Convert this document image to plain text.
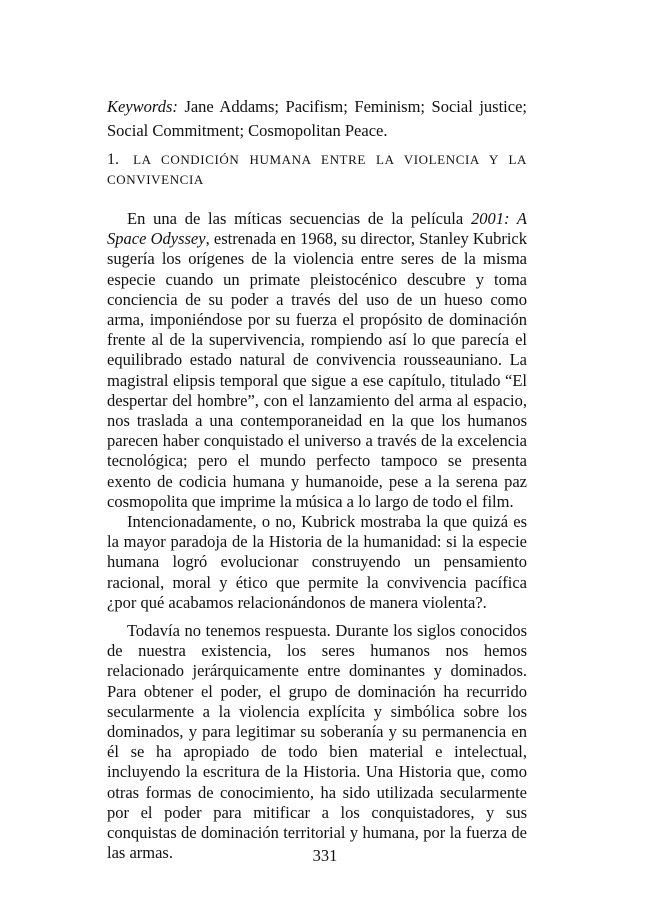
Keywords: Jane Addams; Pacifism; Feminism; Social justice; Social Commitment; Cosmopolitan Peace.
1. LA CONDICIÓN HUMANA ENTRE LA VIOLENCIA Y LA CONVIVENCIA

En una de las míticas secuencias de la película 2001: A Space Odyssey, estrenada en 1968, su director, Stanley Kubrick sugería los orígenes de la violencia entre seres de la misma especie cuando un primate pleistocénico descubre y toma conciencia de su poder a través del uso de un hueso como arma, imponiéndose por su fuerza el propósito de dominación frente al de la supervivencia, rompiendo así lo que parecía el equilibrado estado natural de convivencia rousseauniano. La magistral elipsis temporal que sigue a ese capítulo, titulado “El despertar del hombre”, con el lanzamiento del arma al espacio, nos traslada a una contemporaneidad en la que los humanos parecen haber conquistado el universo a través de la excelencia tecnológica; pero el mundo perfecto tampoco se presenta exento de codicia humana y humanoide, pese a la serena paz cosmopolita que imprime la música a lo largo de todo el film.

Intencionadamente, o no, Kubrick mostraba la que quizá es la mayor paradoja de la Historia de la humanidad: si la especie humana logró evolucionar construyendo un pensamiento racional, moral y ético que permite la convivencia pacífica ¿por qué acabamos relacionándonos de manera violenta?.

Todavía no tenemos respuesta. Durante los siglos conocidos de nuestra existencia, los seres humanos nos hemos relacionado jerárquicamente entre dominantes y dominados. Para obtener el poder, el grupo de dominación ha recurrido secularmente a la violencia explícita y simbólica sobre los dominados, y para legitimar su soberanía y su permanencia en él se ha apropiado de todo bien material e intelectual, incluyendo la escritura de la Historia. Una Historia que, como otras formas de conocimiento, ha sido utilizada secularmente por el poder para mitificar a los conquistadores, y sus conquistas de dominación territorial y humana, por la fuerza de las armas.	331
